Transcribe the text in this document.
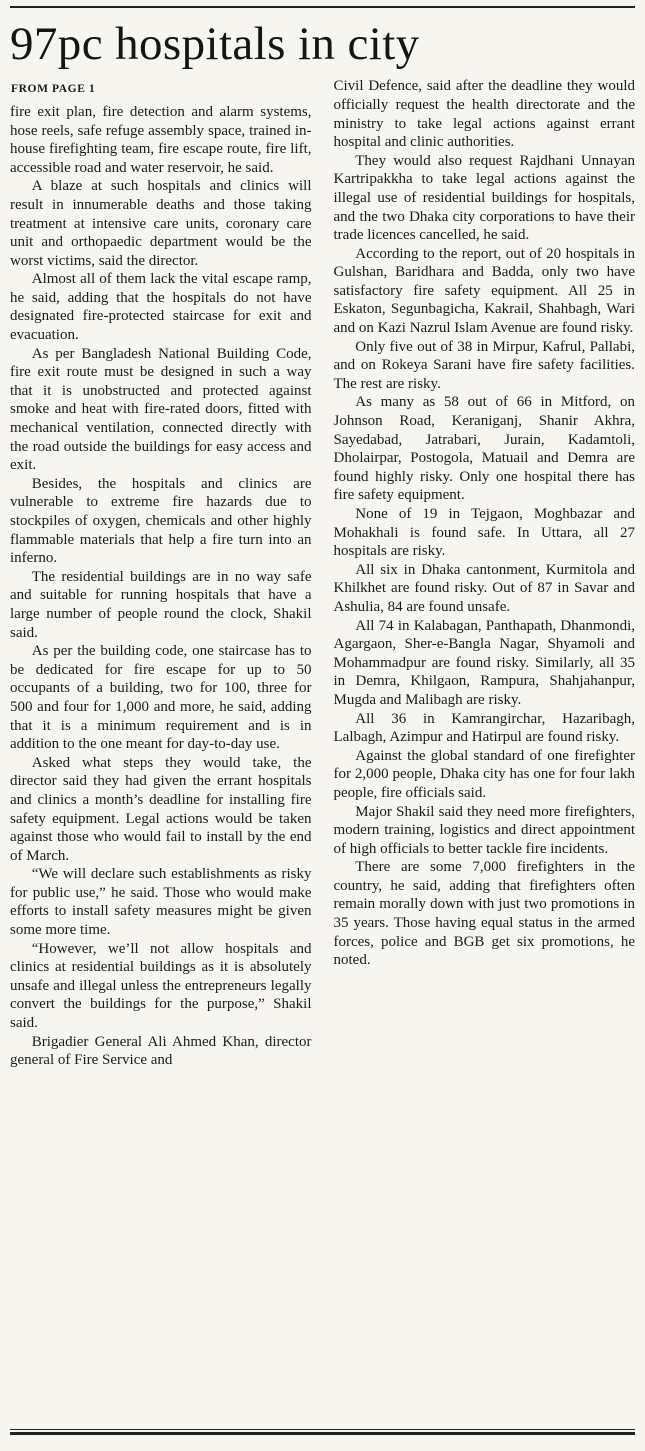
97pc hospitals in city
FROM PAGE 1

fire exit plan, fire detection and alarm systems, hose reels, safe refuge assembly space, trained in-house firefighting team, fire escape route, fire lift, accessible road and water reservoir, he said.

A blaze at such hospitals and clinics will result in innumerable deaths and those taking treatment at intensive care units, coronary care unit and orthopaedic department would be the worst victims, said the director.

Almost all of them lack the vital escape ramp, he said, adding that the hospitals do not have designated fire-protected staircase for exit and evacuation.

As per Bangladesh National Building Code, fire exit route must be designed in such a way that it is unobstructed and protected against smoke and heat with fire-rated doors, fitted with mechanical ventilation, connected directly with the road outside the buildings for easy access and exit.

Besides, the hospitals and clinics are vulnerable to extreme fire hazards due to stockpiles of oxygen, chemicals and other highly flammable materials that help a fire turn into an inferno.

The residential buildings are in no way safe and suitable for running hospitals that have a large number of people round the clock, Shakil said.

As per the building code, one staircase has to be dedicated for fire escape for up to 50 occupants of a building, two for 100, three for 500 and four for 1,000 and more, he said, adding that it is a minimum requirement and is in addition to the one meant for day-to-day use.

Asked what steps they would take, the director said they had given the errant hospitals and clinics a month’s deadline for installing fire safety equipment. Legal actions would be taken against those who would fail to install by the end of March.

“We will declare such establishments as risky for public use,” he said. Those who would make efforts to install safety measures might be given some more time.

“However, we’ll not allow hospitals and clinics at residential buildings as it is absolutely unsafe and illegal unless the entrepreneurs legally convert the buildings for the purpose,” Shakil said.

Brigadier General Ali Ahmed Khan, director general of Fire Service and

Civil Defence, said after the deadline they would officially request the health directorate and the ministry to take legal actions against errant hospital and clinic authorities.

They would also request Rajdhani Unnayan Kartripakkha to take legal actions against the illegal use of residential buildings for hospitals, and the two Dhaka city corporations to have their trade licences cancelled, he said.

According to the report, out of 20 hospitals in Gulshan, Baridhara and Badda, only two have satisfactory fire safety equipment. All 25 in Eskaton, Segunbagicha, Kakrail, Shahbagh, Wari and on Kazi Nazrul Islam Avenue are found risky.

Only five out of 38 in Mirpur, Kafrul, Pallabi, and on Rokeya Sarani have fire safety facilities. The rest are risky.

As many as 58 out of 66 in Mitford, on Johnson Road, Keraniganj, Shanir Akhra, Sayedabad, Jatrabari, Jurain, Kadamtoli, Dholairpar, Postogola, Matuail and Demra are found highly risky. Only one hospital there has fire safety equipment.

None of 19 in Tejgaon, Moghbazar and Mohakhali is found safe. In Uttara, all 27 hospitals are risky.

All six in Dhaka cantonment, Kurmitola and Khilkhet are found risky. Out of 87 in Savar and Ashulia, 84 are found unsafe.

All 74 in Kalabagan, Panthapath, Dhanmondi, Agargaon, Sher-e-Bangla Nagar, Shyamoli and Mohammadpur are found risky. Similarly, all 35 in Demra, Khilgaon, Rampura, Shahjahanpur, Mugda and Malibagh are risky.

All 36 in Kamrangirchar, Hazaribagh, Lalbagh, Azimpur and Hatirpul are found risky.

Against the global standard of one firefighter for 2,000 people, Dhaka city has one for four lakh people, fire officials said.

Major Shakil said they need more firefighters, modern training, logistics and direct appointment of high officials to better tackle fire incidents.

There are some 7,000 firefighters in the country, he said, adding that firefighters often remain morally down with just two promotions in 35 years. Those having equal status in the armed forces, police and BGB get six promotions, he noted.
